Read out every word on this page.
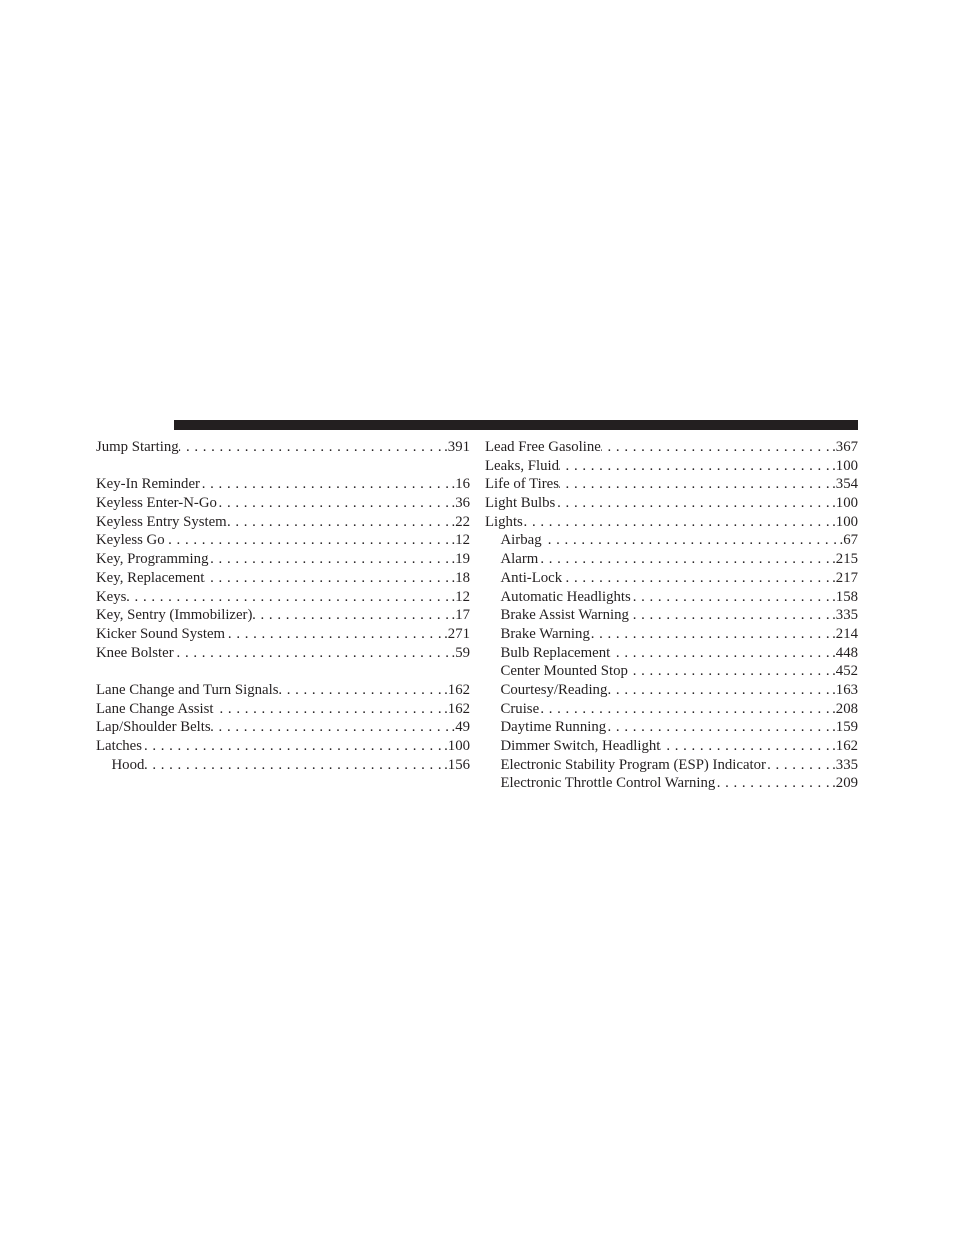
Jump Starting . . .	.391
Key-In Reminder . . .	.16
Keyless Enter-N-Go . . .	.36
Keyless Entry System . . .	.22
Keyless Go . . .	.12
Key, Programming . . .	.19
Key, Replacement . . .	.18
Keys . . .	.12
Key, Sentry (Immobilizer) . . .	.17
Kicker Sound System . . .	.271
Knee Bolster . . .	.59
Lane Change and Turn Signals . . .	.162
Lane Change Assist . . .	.162
Lap/Shoulder Belts . . .	.49
Latches . . .	.100
Hood . . .	.156
Lead Free Gasoline . . .	.367
Leaks, Fluid . . .	.100
Life of Tires . . .	.354
Light Bulbs . . .	.100
Lights . . .	.100
Airbag . . .	.67
Alarm . . .	.215
Anti-Lock . . .	.217
Automatic Headlights . . .	.158
Brake Assist Warning . . .	.335
Brake Warning . . .	.214
Bulb Replacement . . .	.448
Center Mounted Stop . . .	.452
Courtesy/Reading . . .	.163
Cruise . . .	.208
Daytime Running . . .	.159
Dimmer Switch, Headlight . . .	.162
Electronic Stability Program (ESP) Indicator . . .	.335
Electronic Throttle Control Warning . . .	.209
